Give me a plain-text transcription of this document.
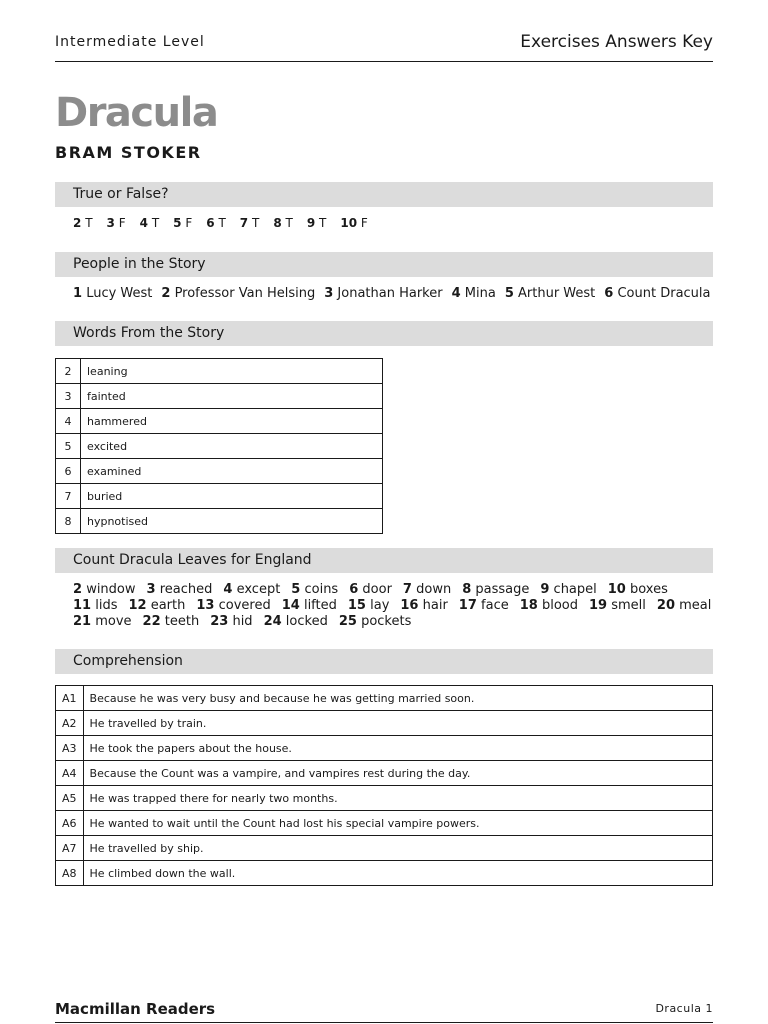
Intermediate Level	Exercises Answers Key
Dracula
BRAM STOKER
True or False?
2 T 3 F 4 T 5 F 6 T 7 T 8 T 9 T 10 F
People in the Story
1 Lucy West 2 Professor Van Helsing 3 Jonathan Harker 4 Mina 5 Arthur West 6 Count Dracula
Words From the Story
2	leaning
3	fainted
4	hammered
5	excited
6	examined
7	buried
8	hypnotised
Count Dracula Leaves for England
2 window 3 reached 4 except 5 coins 6 door 7 down 8 passage 9 chapel 10 boxes
11 lids 12 earth 13 covered 14 lifted 15 lay 16 hair 17 face 18 blood 19 smell 20 meal
21 move 22 teeth 23 hid 24 locked 25 pockets
Comprehension
A1	Because he was very busy and because he was getting married soon.
A2	He travelled by train.
A3	He took the papers about the house.
A4	Because the Count was a vampire, and vampires rest during the day.
A5	He was trapped there for nearly two months.
A6	He wanted to wait until the Count had lost his special vampire powers.
A7	He travelled by ship.
A8	He climbed down the wall.
Macmillan Readers	Dracula 1
